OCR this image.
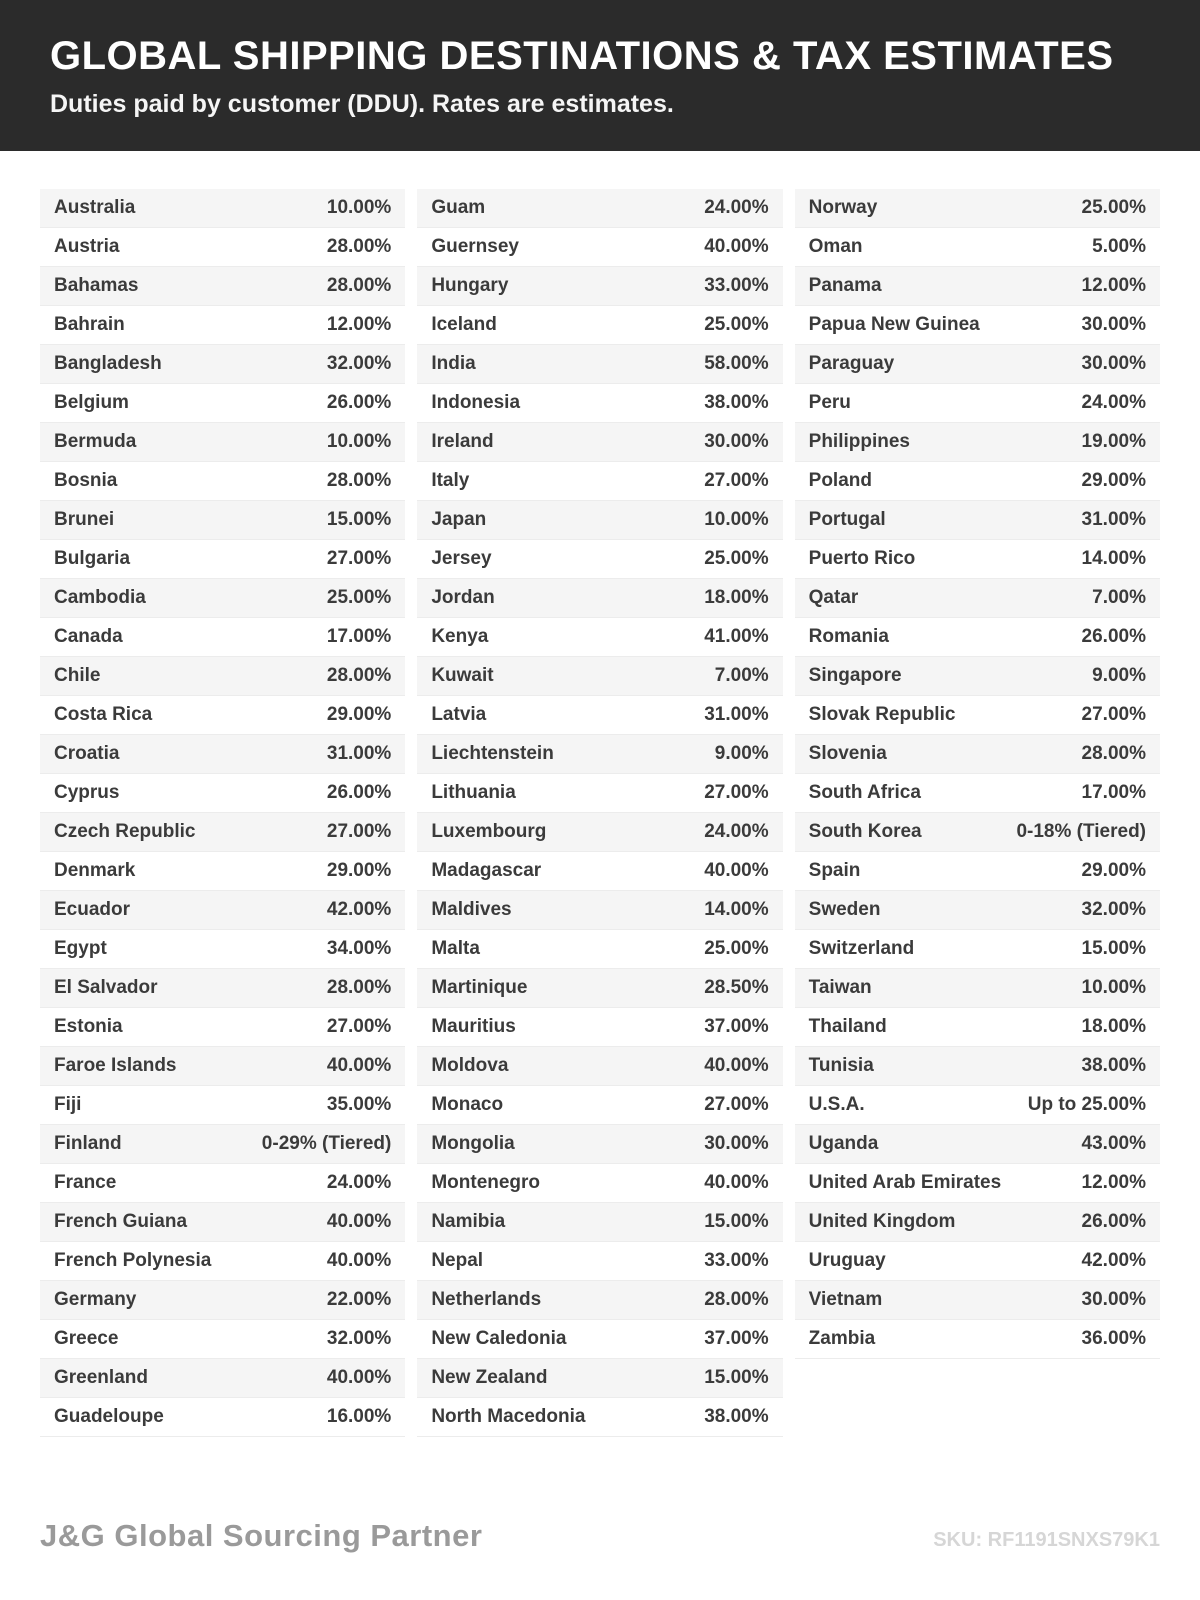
GLOBAL SHIPPING DESTINATIONS & TAX ESTIMATES
Duties paid by customer (DDU). Rates are estimates.
Australia	10.00%
Austria	28.00%
Bahamas	28.00%
Bahrain	12.00%
Bangladesh	32.00%
Belgium	26.00%
Bermuda	10.00%
Bosnia	28.00%
Brunei	15.00%
Bulgaria	27.00%
Cambodia	25.00%
Canada	17.00%
Chile	28.00%
Costa Rica	29.00%
Croatia	31.00%
Cyprus	26.00%
Czech Republic	27.00%
Denmark	29.00%
Ecuador	42.00%
Egypt	34.00%
El Salvador	28.00%
Estonia	27.00%
Faroe Islands	40.00%
Fiji	35.00%
Finland	0-29% (Tiered)
France	24.00%
French Guiana	40.00%
French Polynesia	40.00%
Germany	22.00%
Greece	32.00%
Greenland	40.00%
Guadeloupe	16.00%
Guam	24.00%
Guernsey	40.00%
Hungary	33.00%
Iceland	25.00%
India	58.00%
Indonesia	38.00%
Ireland	30.00%
Italy	27.00%
Japan	10.00%
Jersey	25.00%
Jordan	18.00%
Kenya	41.00%
Kuwait	7.00%
Latvia	31.00%
Liechtenstein	9.00%
Lithuania	27.00%
Luxembourg	24.00%
Madagascar	40.00%
Maldives	14.00%
Malta	25.00%
Martinique	28.50%
Mauritius	37.00%
Moldova	40.00%
Monaco	27.00%
Mongolia	30.00%
Montenegro	40.00%
Namibia	15.00%
Nepal	33.00%
Netherlands	28.00%
New Caledonia	37.00%
New Zealand	15.00%
North Macedonia	38.00%
Norway	25.00%
Oman	5.00%
Panama	12.00%
Papua New Guinea	30.00%
Paraguay	30.00%
Peru	24.00%
Philippines	19.00%
Poland	29.00%
Portugal	31.00%
Puerto Rico	14.00%
Qatar	7.00%
Romania	26.00%
Singapore	9.00%
Slovak Republic	27.00%
Slovenia	28.00%
South Africa	17.00%
South Korea	0-18% (Tiered)
Spain	29.00%
Sweden	32.00%
Switzerland	15.00%
Taiwan	10.00%
Thailand	18.00%
Tunisia	38.00%
U.S.A.	Up to 25.00%
Uganda	43.00%
United Arab Emirates	12.00%
United Kingdom	26.00%
Uruguay	42.00%
Vietnam	30.00%
Zambia	36.00%
J&G Global Sourcing Partner	SKU: RF1191SNXS79K1
